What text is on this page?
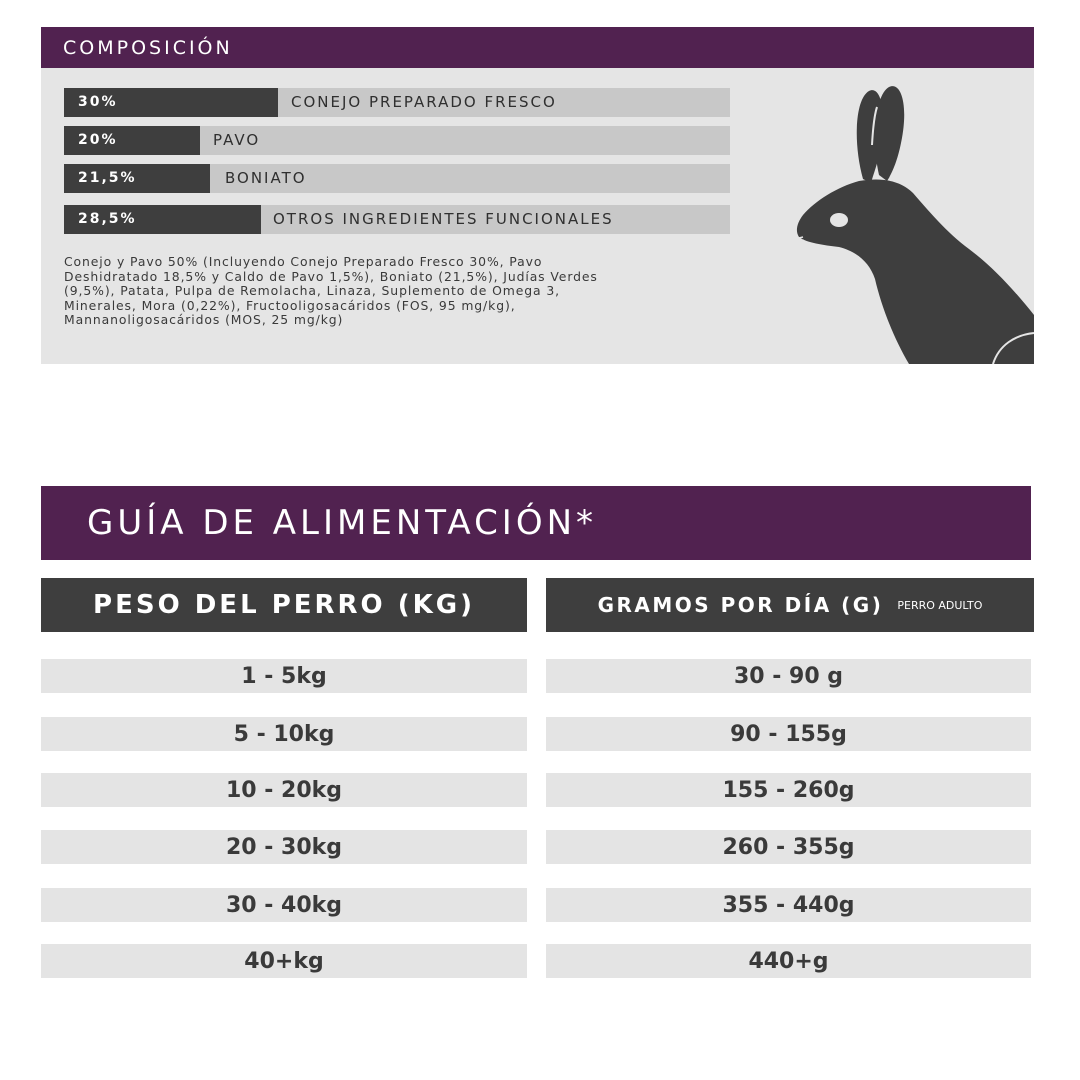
COMPOSICIÓN
30%	CONEJO PREPARADO FRESCO
20%	PAVO
21,5%	BONIATO
28,5%	OTROS INGREDIENTES FUNCIONALES
Conejo y Pavo 50% (Incluyendo Conejo Preparado Fresco 30%, Pavo
Deshidratado 18,5% y Caldo de Pavo 1,5%), Boniato (21,5%), Judías Verdes
(9,5%), Patata, Pulpa de Remolacha, Linaza, Suplemento de Omega 3,
Minerales, Mora (0,22%), Fructooligosacáridos (FOS, 95 mg/kg),
Mannanoligosacáridos (MOS, 25 mg/kg)
GUÍA DE ALIMENTACIÓN*
PESO DEL PERRO (KG)	GRAMOS POR DÍA (G) PERRO ADULTO
1 - 5kg	30 - 90 g
5 - 10kg	90 - 155g
10 - 20kg	155 - 260g
20 - 30kg	260 - 355g
30 - 40kg	355 - 440g
40+kg	440+g
